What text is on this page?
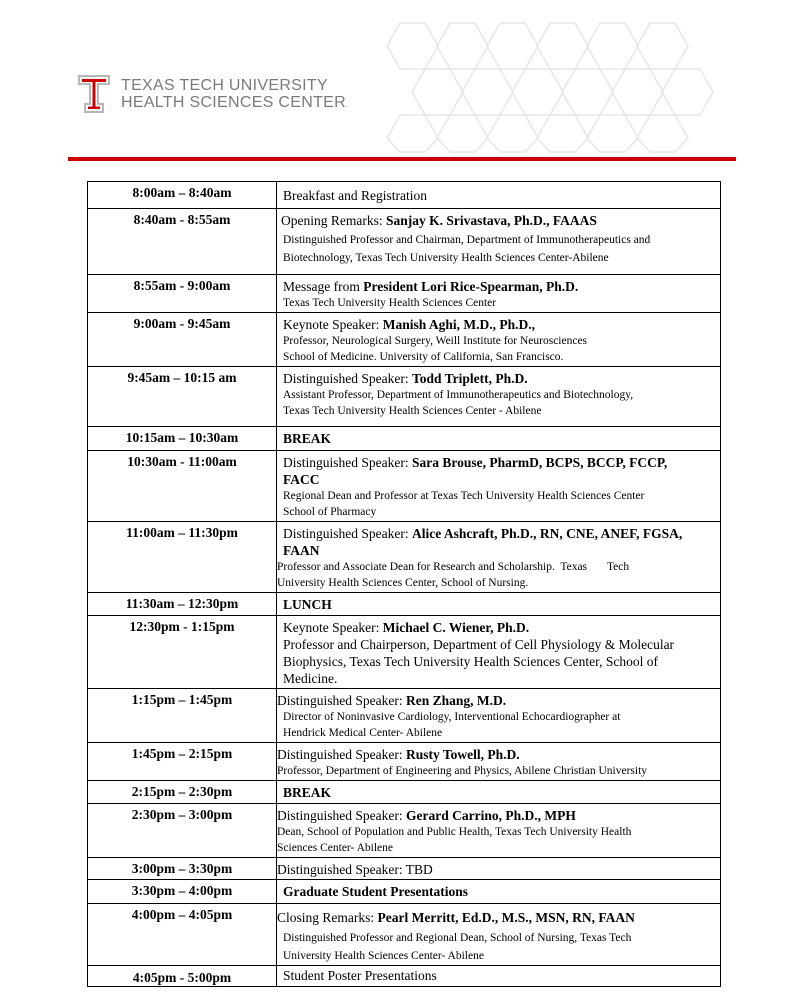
TEXAS TECH UNIVERSITY
HEALTH SCIENCES CENTER.
8:00am – 8:40am	Breakfast and Registration

8:40am - 8:55am	Opening Remarks: Sanjay K. Srivastava, Ph.D., FAAAS
Distinguished Professor and Chairman, Department of Immunotherapeutics and
Biotechnology, Texas Tech University Health Sciences Center-Abilene

8:55am - 9:00am	Message from President Lori Rice-Spearman, Ph.D.
Texas Tech University Health Sciences Center

9:00am - 9:45am	Keynote Speaker: Manish Aghi, M.D., Ph.D.,
Professor, Neurological Surgery, Weill Institute for Neurosciences
School of Medicine. University of California, San Francisco.

9:45am – 10:15 am	Distinguished Speaker: Todd Triplett, Ph.D.
Assistant Professor, Department of Immunotherapeutics and Biotechnology,
Texas Tech University Health Sciences Center - Abilene

10:15am – 10:30am	BREAK

10:30am - 11:00am	Distinguished Speaker: Sara Brouse, PharmD, BCPS, BCCP, FCCP,
FACC
Regional Dean and Professor at Texas Tech University Health Sciences Center
School of Pharmacy

11:00am – 11:30pm	Distinguished Speaker: Alice Ashcraft, Ph.D., RN, CNE, ANEF, FGSA,
FAAN
Professor and Associate Dean for Research and Scholarship.  Texas       Tech
University Health Sciences Center, School of Nursing.

11:30am – 12:30pm	LUNCH

12:30pm - 1:15pm	Keynote Speaker: Michael C. Wiener, Ph.D.
Professor and Chairperson, Department of Cell Physiology & Molecular
Biophysics, Texas Tech University Health Sciences Center, School of
Medicine.

1:15pm – 1:45pm	Distinguished Speaker: Ren Zhang, M.D.
Director of Noninvasive Cardiology, Interventional Echocardiographer at
Hendrick Medical Center- Abilene

1:45pm – 2:15pm	Distinguished Speaker: Rusty Towell, Ph.D.
Professor, Department of Engineering and Physics, Abilene Christian University

2:15pm – 2:30pm	BREAK

2:30pm – 3:00pm	Distinguished Speaker: Gerard Carrino, Ph.D., MPH
Dean, School of Population and Public Health, Texas Tech University Health
Sciences Center- Abilene

3:00pm – 3:30pm	Distinguished Speaker: TBD

3:30pm – 4:00pm	Graduate Student Presentations

4:00pm – 4:05pm	Closing Remarks: Pearl Merritt, Ed.D., M.S., MSN, RN, FAAN
Distinguished Professor and Regional Dean, School of Nursing, Texas Tech
University Health Sciences Center- Abilene

4:05pm - 5:00pm	Student Poster Presentations
